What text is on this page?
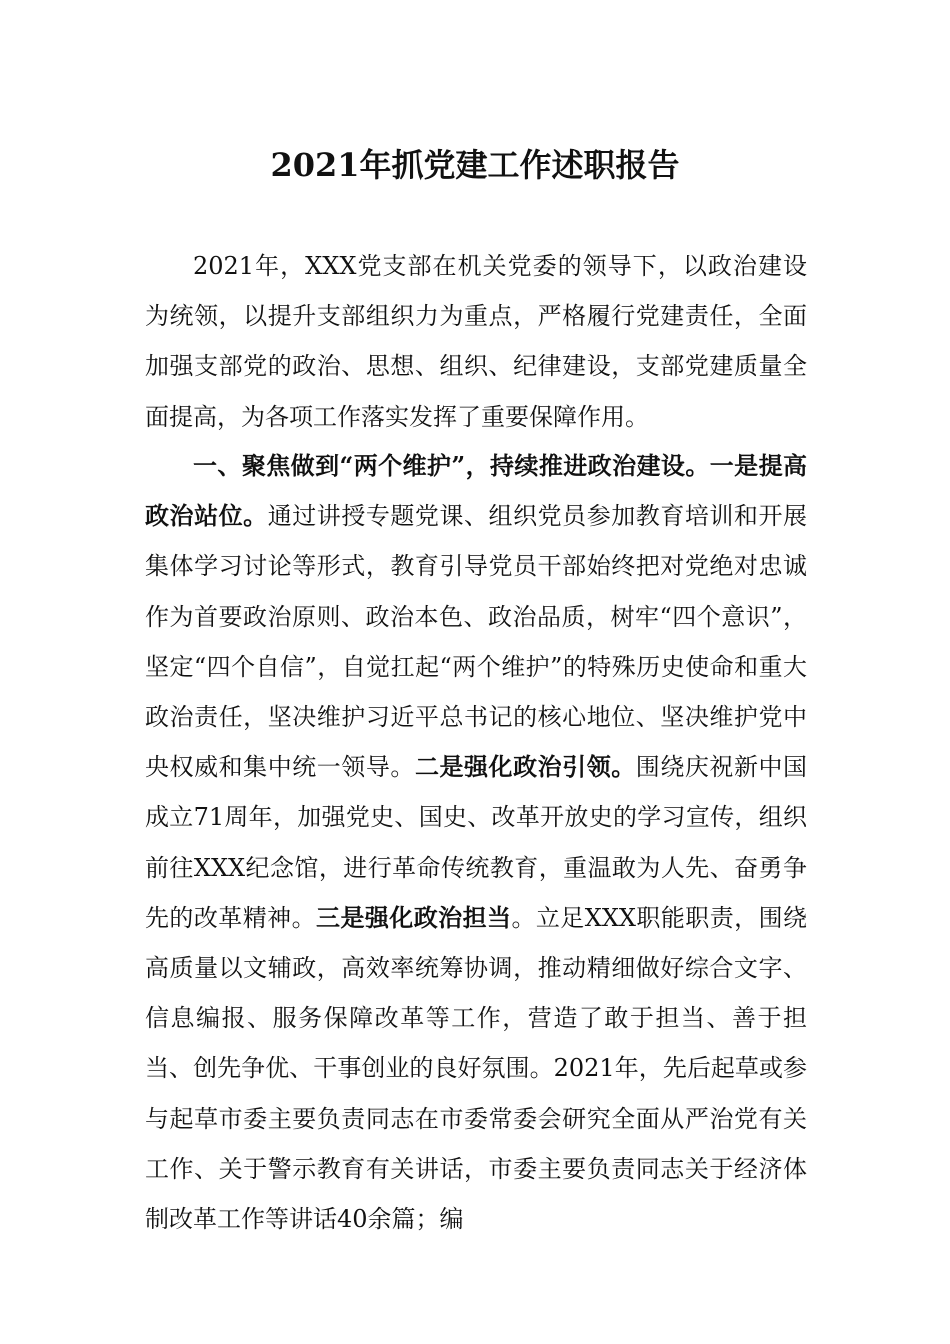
2021年抓党建工作述职报告

2021年，XXX党支部在机关党委的领导下，以政治建设为统领，以提升支部组织力为重点，严格履行党建责任，全面加强支部党的政治、思想、组织、纪律建设，支部党建质量全面提高，为各项工作落实发挥了重要保障作用。

一、聚焦做到“两个维护”，持续推进政治建设。一是提高政治站位。通过讲授专题党课、组织党员参加教育培训和开展集体学习讨论等形式，教育引导党员干部始终把对党绝对忠诚作为首要政治原则、政治本色、政治品质，树牢“四个意识”，坚定“四个自信”，自觉扛起“两个维护”的特殊历史使命和重大政治责任，坚决维护习近平总书记的核心地位、坚决维护党中央权威和集中统一领导。二是强化政治引领。围绕庆祝新中国成立71周年，加强党史、国史、改革开放史的学习宣传，组织前往XXX纪念馆，进行革命传统教育，重温敢为人先、奋勇争先的改革精神。三是强化政治担当。立足XXX职能职责，围绕高质量以文辅政，高效率统筹协调，推动精细做好综合文字、信息编报、服务保障改革等工作，营造了敢于担当、善于担当、创先争优、干事创业的良好氛围。2021年，先后起草或参与起草市委主要负责同志在市委常委会研究全面从严治党有关工作、关于警示教育有关讲话，市委主要负责同志关于经济体制改革工作等讲话40余篇；编
